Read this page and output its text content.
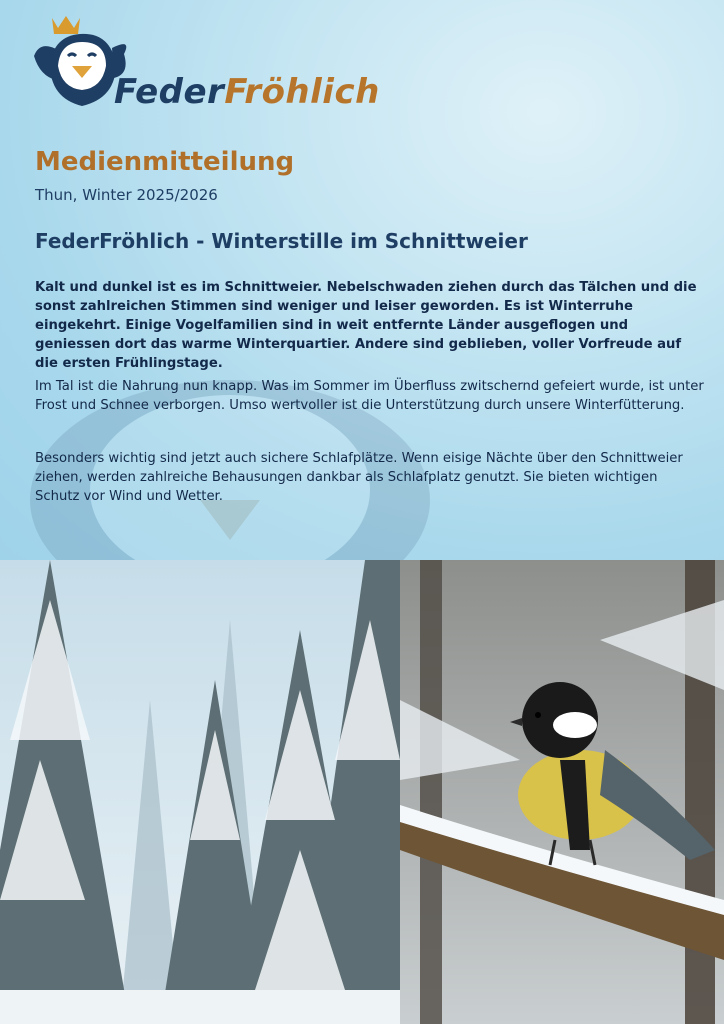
FederFröhlich
Medienmitteilung
Thun, Winter 2025/2026
FederFröhlich - Winterstille im Schnittweier

Kalt und dunkel ist es im Schnittweier. Nebelschwaden ziehen durch das Tälchen und die sonst zahlreichen Stimmen sind weniger und leiser geworden. Es ist Winterruhe eingekehrt. Einige Vogelfamilien sind in weit entfernte Länder ausgeflogen und geniessen dort das warme Winterquartier. Andere sind geblieben, voller Vorfreude auf die ersten Frühlingstage.

Im Tal ist die Nahrung nun knapp. Was im Sommer im Überfluss zwitschernd gefeiert wurde, ist unter Frost und Schnee verborgen. Umso wertvoller ist die Unterstützung durch unsere Winterfütterung.

Besonders wichtig sind jetzt auch sichere Schlafplätze. Wenn eisige Nächte über den Schnittweier ziehen, werden zahlreiche Behausungen dankbar als Schlafplatz genutzt. Sie bieten wichtigen Schutz vor Wind und Wetter.
